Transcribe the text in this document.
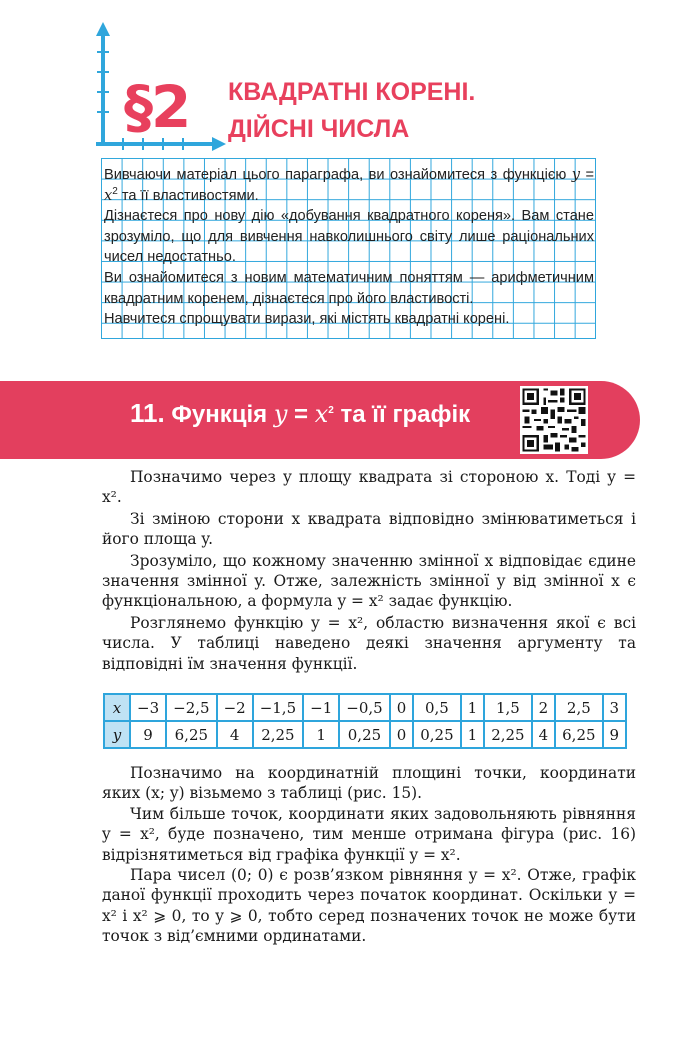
§2 КВАДРАТНІ КОРЕНІ.
ДІЙСНІ ЧИСЛА

Вивчаючи матеріал цього параграфа, ви ознайомитеся з функцією $y = x^2$ та її властивостями.

Дізнаєтеся про нову дію «добування квадратного кореня». Вам стане зрозуміло, що для вивчення навколишнього світу лише раціональних чисел недостатньо.

Ви ознайомитеся з новим математичним поняттям — арифметичним квадратним коренем, дізнаєтеся про його властивості.

Навчитеся спрощувати вирази, які містять квадратні корені.

11. Функція $y = x^2$ та її графік

Позначимо через y площу квадрата зі стороною x. Тоді y = x².

Зі зміною сторони x квадрата відповідно змінюватиметься і його площа y.

Зрозуміло, що кожному значенню змінної x відповідає єдине значення змінної y. Отже, залежність змінної y від змінної x є функціональною, а формула y = x² задає функцію.

Розглянемо функцію y = x², областю визначення якої є всі числа. У таблиці наведено деякі значення аргументу та відповідні їм значення функції.

x	−3	−2,5	−2	−1,5	−1	−0,5	0	0,5	1	1,5	2	2,5	3
y	9	6,25	4	2,25	1	0,25	0	0,25	1	2,25	4	6,25	9

Позначимо на координатній площині точки, координати яких (x; y) візьмемо з таблиці (рис. 15).

Чим більше точок, координати яких задовольняють рівняння y = x², буде позначено, тим менше отримана фігура (рис. 16) відрізнятиметься від графіка функції y = x².

Пара чисел (0; 0) є розв’язком рівняння y = x². Отже, графік даної функції проходить через початок координат. Оскільки y = x² і x² ⩾ 0, то y ⩾ 0, тобто серед позначених точок не може бути точок з від’ємними ординатами.
